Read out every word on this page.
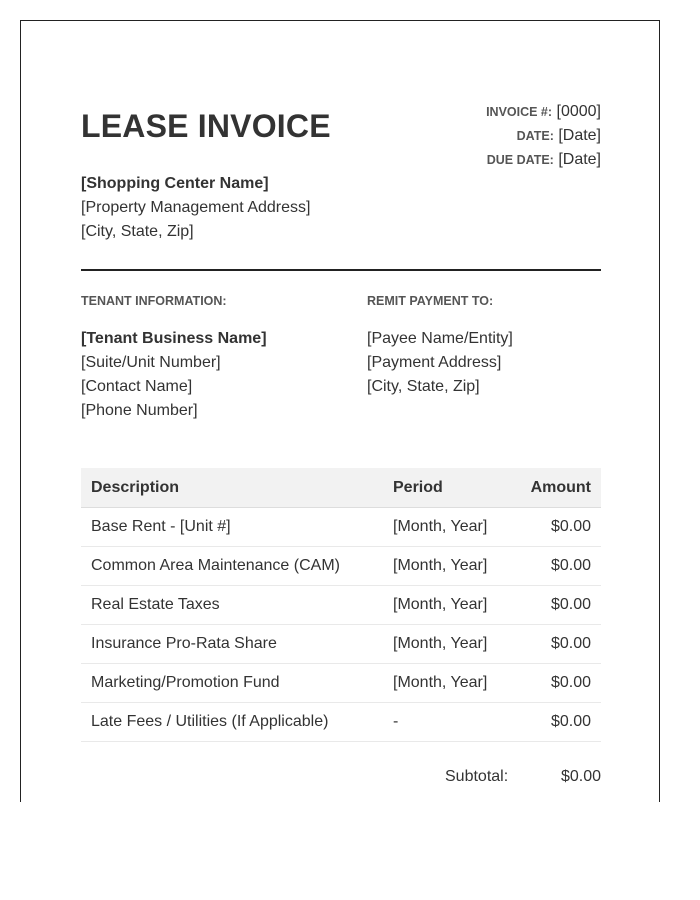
LEASE INVOICE	INVOICE #: [0000]
DATE: [Date]
DUE DATE: [Date]
[Shopping Center Name]
[Property Management Address]
[City, State, Zip]
TENANT INFORMATION:	REMIT PAYMENT TO:
[Tenant Business Name]
[Suite/Unit Number]
[Contact Name]
[Phone Number]
[Payee Name/Entity]
[Payment Address]
[City, State, Zip]
Description	Period	Amount
Base Rent - [Unit #]	[Month, Year]	$0.00
Common Area Maintenance (CAM)	[Month, Year]	$0.00
Real Estate Taxes	[Month, Year]	$0.00
Insurance Pro-Rata Share	[Month, Year]	$0.00
Marketing/Promotion Fund	[Month, Year]	$0.00
Late Fees / Utilities (If Applicable)	-	$0.00
Subtotal:	$0.00
